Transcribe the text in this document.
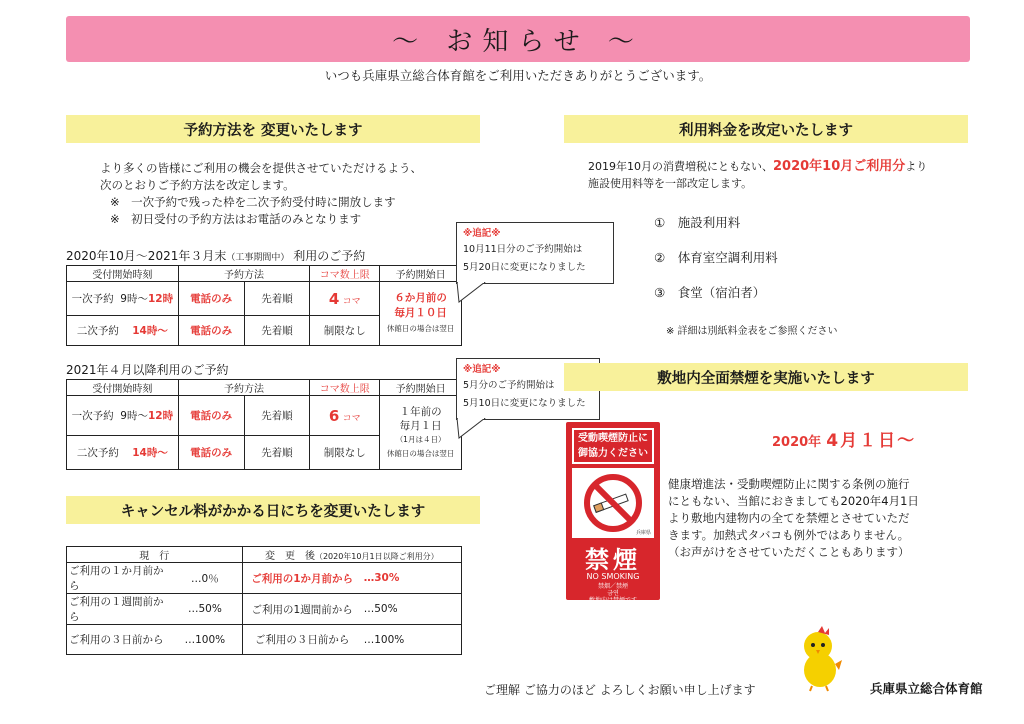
～ お知らせ ～
いつも兵庫県立総合体育館をご利用いただきありがとうございます。
予約方法を 変更いたします
より多くの皆様にご利用の機会を提供させていただけるよう、
次のとおりご予約方法を改定します。
※　一次予約で残った枠を二次予約受付時に開放します
※　初日受付の予約方法はお電話のみとなります
2020年10月～2021年３月末（工事期間中） 利用のご予約
受付開始時刻	予約方法		コマ数上限	予約開始日
一次予約 9時～12時	電話のみ	先着順	4 コマ	６か月前の
毎月１０日
休館日の場合は翌日

二次予約 14時～	電話のみ	先着順	制限なし	
※追記※
10月11日分のご予約開始は
5月20日に変更になりました
2021年４月以降利用のご予約
受付開始時刻	予約方法		コマ数上限	予約開始日
一次予約 9時～12時	電話のみ	先着順	6 コマ	１年前の
毎月１日
（1月は４日）
休館日の場合は翌日

二次予約 14時～	電話のみ	先着順	制限なし	
※追記※
5月分のご予約開始は
5月10日に変更になりました
キャンセル料がかかる日にちを変更いたします
現　行		変　更　後（2020年10月1日以降ご利用分）	
ご利用の１か月前から	…0％	ご利用の1か月前から	…30%
ご利用の１週間前から	…50%	ご利用の1週間前から	…50%
ご利用の３日前から	…100%	ご利用の３日前から	…100%
利用料金を改定いたします
2019年10月の消費増税にともない、2020年10月ご利用分より
施設使用料等を一部改定します。
①　施設利用料
②　体育室空調利用料
③　食堂（宿泊者）
※ 詳細は別紙料金表をご参照ください
敷地内全面禁煙を実施いたします
2020年 4月１日～
健康増進法・受動喫煙防止に関する条例の施行
にともない、当館におきましても2020年4月1日
より敷地内建物内の全てを禁煙とさせていただ
きます。加熱式タバコも例外ではありません。
（お声がけをさせていただくこともあります）
受動喫煙防止に御協力ください
兵庫県
禁煙
NO SMOKING
禁烟／禁煙
금연
敷地内は禁煙です
ご理解 ご協力のほど よろしくお願い申し上げます	兵庫県立総合体育館
